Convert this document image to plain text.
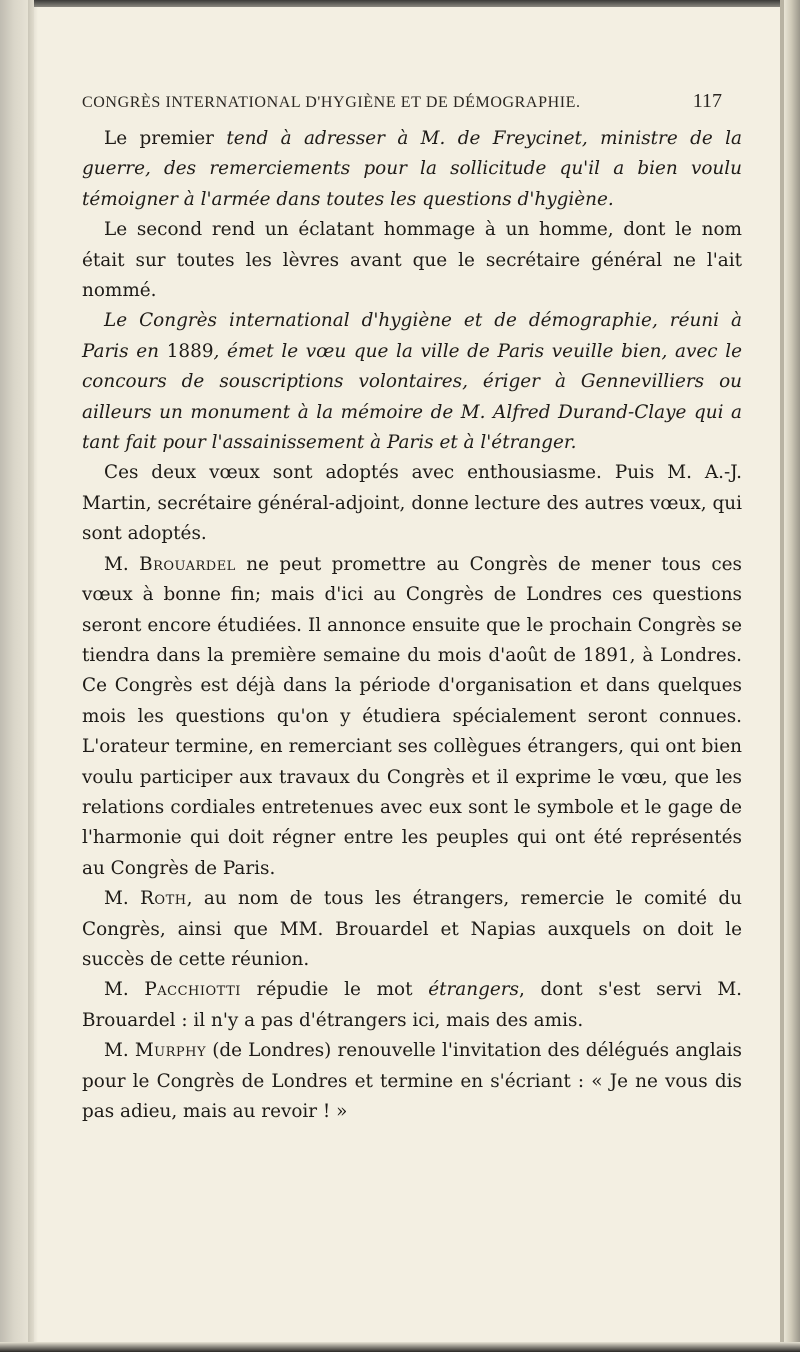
CONGRÈS INTERNATIONAL D'HYGIÈNE ET DE DÉMOGRAPHIE.	117

Le premier tend à adresser à M. de Freycinet, ministre de la guerre, des remerciements pour la sollicitude qu'il a bien voulu témoigner à l'armée dans toutes les questions d'hygiène.

Le second rend un éclatant hommage à un homme, dont le nom était sur toutes les lèvres avant que le secrétaire général ne l'ait nommé.

Le Congrès international d'hygiène et de démographie, réuni à Paris en 1889, émet le vœu que la ville de Paris veuille bien, avec le concours de souscriptions volontaires, ériger à Gennevilliers ou ailleurs un monument à la mémoire de M. Alfred Durand-Claye qui a tant fait pour l'assainissement à Paris et à l'étranger.

Ces deux vœux sont adoptés avec enthousiasme. Puis M. A.-J. Martin, secrétaire général-adjoint, donne lecture des autres vœux, qui sont adoptés.

M. Brouardel ne peut promettre au Congrès de mener tous ces vœux à bonne fin; mais d'ici au Congrès de Londres ces questions seront encore étudiées. Il annonce ensuite que le prochain Congrès se tiendra dans la première semaine du mois d'août de 1891, à Londres. Ce Congrès est déjà dans la période d'organisation et dans quelques mois les questions qu'on y étudiera spécialement seront connues. L'orateur termine, en remerciant ses collègues étrangers, qui ont bien voulu participer aux travaux du Congrès et il exprime le vœu, que les relations cordiales entretenues avec eux sont le symbole et le gage de l'harmonie qui doit régner entre les peuples qui ont été représentés au Congrès de Paris.

M. Roth, au nom de tous les étrangers, remercie le comité du Congrès, ainsi que MM. Brouardel et Napias auxquels on doit le succès de cette réunion.

M. Pacchiotti répudie le mot étrangers, dont s'est servi M. Brouardel : il n'y a pas d'étrangers ici, mais des amis.

M. Murphy (de Londres) renouvelle l'invitation des délégués anglais pour le Congrès de Londres et termine en s'écriant : « Je ne vous dis pas adieu, mais au revoir ! »
